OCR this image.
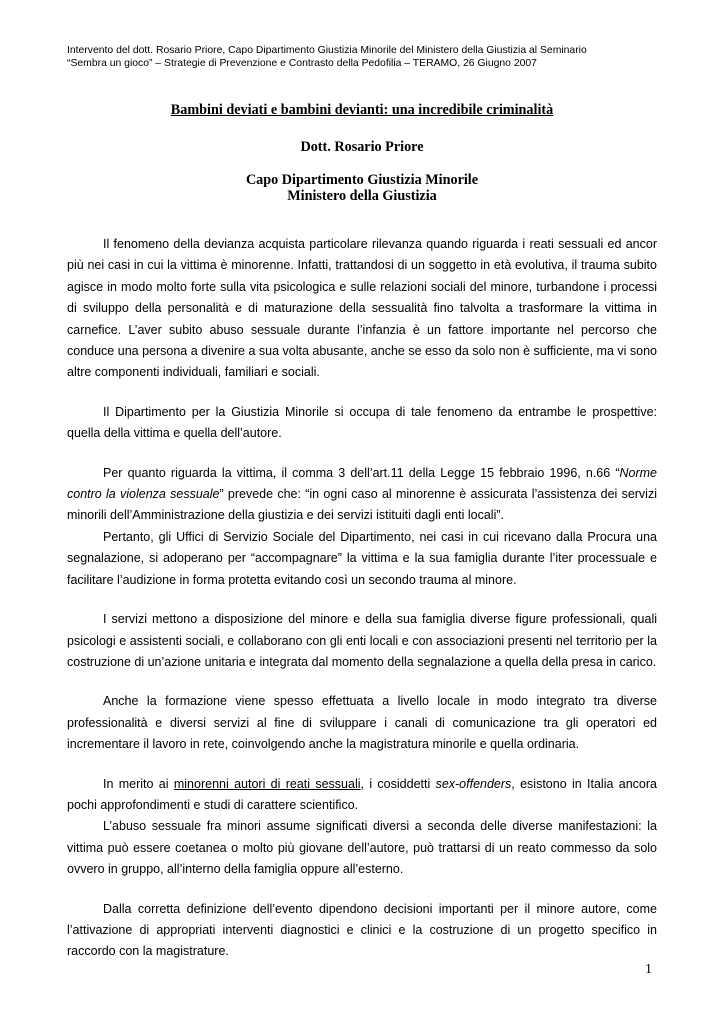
Intervento del dott. Rosario Priore, Capo Dipartimento Giustizia Minorile del Ministero della Giustizia al Seminario
“Sembra un gioco” – Strategie di Prevenzione e Contrasto della Pedofilia – TERAMO, 26 Giugno 2007
Bambini deviati e bambini devianti: una incredibile criminalità
Dott. Rosario Priore
Capo Dipartimento Giustizia Minorile
Ministero della Giustizia

Il fenomeno della devianza acquista particolare rilevanza quando riguarda i reati sessuali ed ancor più nei casi in cui la vittima è minorenne. Infatti, trattandosi di un soggetto in età evolutiva, il trauma subito agisce in modo molto forte sulla vita psicologica e sulle relazioni sociali del minore, turbandone i processi di sviluppo della personalità e di maturazione della sessualità fino talvolta a trasformare la vittima in carnefice. L’aver subito abuso sessuale durante l’infanzia è un fattore importante nel percorso che conduce una persona a divenire a sua volta abusante, anche se esso da solo non è sufficiente, ma vi sono altre componenti individuali, familiari e sociali.

Il Dipartimento per la Giustizia Minorile si occupa di tale fenomeno da entrambe le prospettive: quella della vittima e quella dell’autore.

Per quanto riguarda la vittima, il comma 3 dell’art.11 della Legge 15 febbraio 1996, n.66 “Norme contro la violenza sessuale” prevede che: “in ogni caso al minorenne è assicurata l’assistenza dei servizi minorili dell’Amministrazione della giustizia e dei servizi istituiti dagli enti locali”.

Pertanto, gli Uffici di Servizio Sociale del Dipartimento, nei casi in cui ricevano dalla Procura una segnalazione, si adoperano per “accompagnare” la vittima e la sua famiglia durante l’iter processuale e facilitare l’audizione in forma protetta evitando così un secondo trauma al minore.

I servizi mettono a disposizione del minore e della sua famiglia diverse figure professionali, quali psicologi e assistenti sociali, e collaborano con gli enti locali e con associazioni presenti nel territorio per la costruzione di un’azione unitaria e integrata dal momento della segnalazione a quella della presa in carico.

Anche la formazione viene spesso effettuata a livello locale in modo integrato tra diverse professionalità e diversi servizi al fine di sviluppare i canali di comunicazione tra gli operatori ed incrementare il lavoro in rete, coinvolgendo anche la magistratura minorile e quella ordinaria.

In merito ai minorenni autori di reati sessuali, i cosiddetti sex-offenders, esistono in Italia ancora pochi approfondimenti e studi di carattere scientifico.

L’abuso sessuale fra minori assume significati diversi a seconda delle diverse manifestazioni: la vittima può essere coetanea o molto più giovane dell’autore, può trattarsi di un reato commesso da solo ovvero in gruppo, all’interno della famiglia oppure all’esterno.

Dalla corretta definizione dell’evento dipendono decisioni importanti per il minore autore, come l’attivazione di appropriati interventi diagnostici e clinici e la costruzione di un progetto specifico in raccordo con la magistrature.

1
